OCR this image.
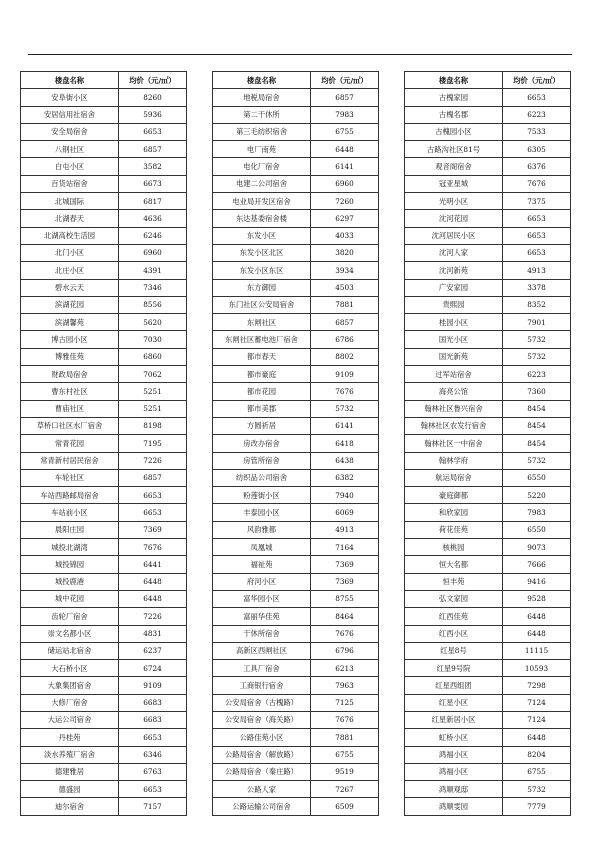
楼盘名称	均价（元/㎡）
安阜街小区	8260
安居信用社宿舍	5936
安全局宿舍	6653
八钢社区	6857
白屯小区	3582
百货站宿舍	6673
北城国际	6817
北湖春天	4636
北湖高校生活园	6246
北门小区	6960
北庄小区	4391
碧水云天	7346
滨湖花园	8556
滨湖馨苑	5620
博古园小区	7030
博雅佳苑	6860
财政局宿舍	7062
曹东村社区	5251
曹庙社区	5251
草桥口社区水厂宿舍	8198
常青花园	7195
常青新村居民宿舍	7226
车轮社区	6857
车站西路邮局宿舍	6653
车站前小区	6653
晨阳庄园	7369
城投北湖湾	7676
城投锦园	6441
城投鹿港	6448
城中花园	6448
齿轮厂宿舍	7226
崇文名都小区	4831
储运站北宿舍	6237
大石桥小区	6724
大象集团宿舍	9109
大修厂宿舍	6683
大运公司宿舍	6683
丹桂苑	6653
淡水养殖厂宿舍	6346
德建雅居	6763
德盛园	6653
迪尔宿舍	7157
楼盘名称	均价（元/㎡）
地税局宿舍	6857
第二干休所	7983
第三毛纺织宿舍	6755
电厂南苑	6448
电化厂宿舍	6141
电建二公司宿舍	6960
电业局开发区宿舍	7260
东达基委宿舍楼	6297
东发小区	4033
东发小区北区	3820
东发小区东区	3934
东方御园	4503
东门社区公安局宿舍	7881
东闸社区	6857
东闸社区蓄电池厂宿舍	6786
都市春天	8802
都市豪庭	9109
都市花园	7676
都市美郡	5732
方圆祈居	6141
房改办宿舍	6418
房管所宿舍	6438
纺织品公司宿舍	6382
粉莲街小区	7940
丰泰园小区	6069
风韵雅都	4913
凤凰城	7164
福祉苑	7369
府河小区	7369
富华园小区	8755
富丽华佳苑	8464
干休所宿舍	7676
高新区西闸社区	6796
工具厂宿舍	6213
工商银行宿舍	7963
公安局宿舍（古槐路）	7125
公安局宿舍（海关路）	7676
公路佳苑小区	7881
公路局宿舍（解放路）	6755
公路局宿舍（秦庄路）	9519
公路人家	7267
公路运输公司宿舍	6509
楼盘名称	均价（元/㎡）
古槐家园	6653
古槐名郡	6223
古槐园小区	7533
古路沟社区81号	6305
观音阁宿舍	6376
冠亚星城	7676
光明小区	7375
沈河花园	6653
沈河居民小区	6653
沈河人家	6653
沈河新苑	4913
广安家园	3378
贵熙园	8352
桂园小区	7901
国光小区	5732
国光新苑	5732
过军站宿舍	6223
海亮公馆	7360
翰林社区鲁兴宿舍	8454
翰林社区农发行宿舍	8454
翰林社区一中宿舍	8454
翰林学府	5732
航运局宿舍	6550
豪庭御都	5220
和欣家园	7983
荷花佳苑	6550
核桃园	9073
恒大名都	7666
恒丰苑	9416
弘文家园	9528
红西佳苑	6448
红西小区	6448
红星8号	11115
红星9号院	10593
红星西组团	7298
红星小区	7124
红星新居小区	7124
虹桥小区	6448
鸿福小区	8204
鸿福小区	6755
鸿顺观邸	5732
鸿顺雯园	7779
